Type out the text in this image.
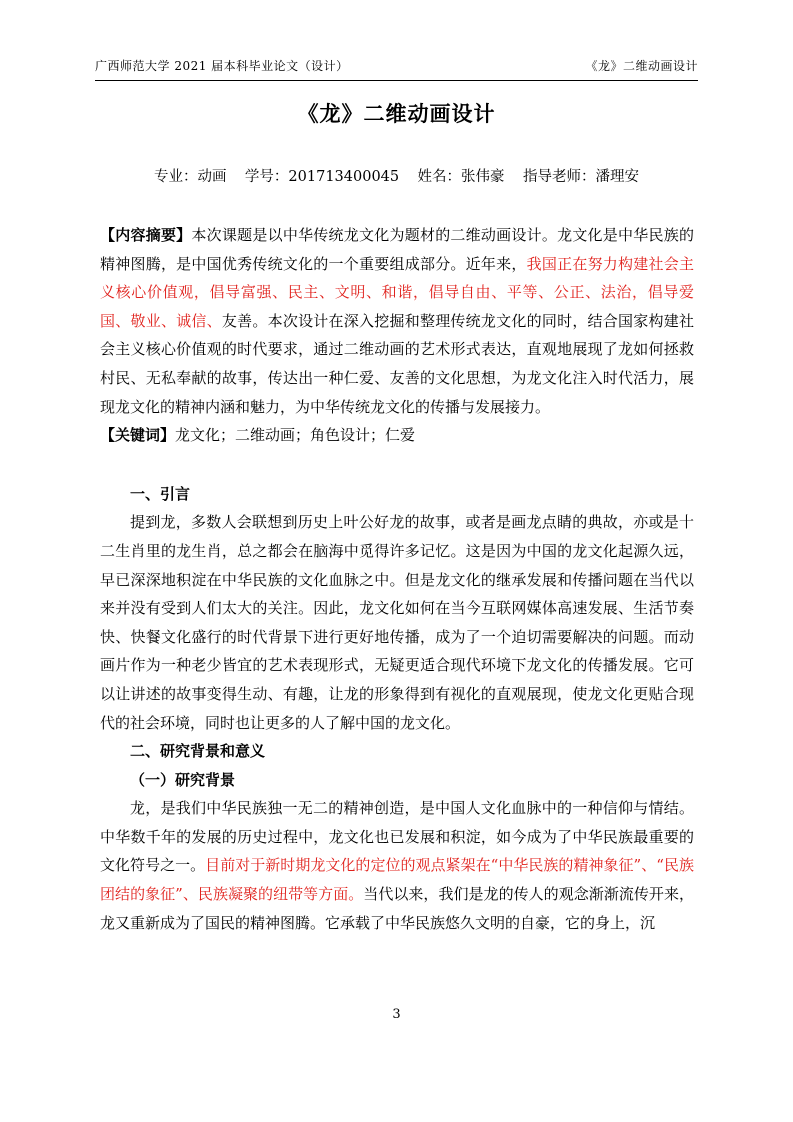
广西师范大学 2021 届本科毕业论文（设计）	《龙》二维动画设计
《龙》二维动画设计
专业：动画    学号：201713400045    姓名：张伟豪    指导老师：潘理安

【内容摘要】本次课题是以中华传统龙文化为题材的二维动画设计。龙文化是中华民族的精神图腾，是中国优秀传统文化的一个重要组成部分。近年来，我国正在努力构建社会主义核心价值观，倡导富强、民主、文明、和谐，倡导自由、平等、公正、法治，倡导爱国、敬业、诚信、友善。本次设计在深入挖掘和整理传统龙文化的同时，结合国家构建社会主义核心价值观的时代要求，通过二维动画的艺术形式表达，直观地展现了龙如何拯救村民、无私奉献的故事，传达出一种仁爱、友善的文化思想，为龙文化注入时代活力，展现龙文化的精神内涵和魅力，为中华传统龙文化的传播与发展接力。

【关键词】龙文化；二维动画；角色设计；仁爱

一、引言

提到龙，多数人会联想到历史上叶公好龙的故事，或者是画龙点睛的典故，亦或是十二生肖里的龙生肖，总之都会在脑海中觅得许多记忆。这是因为中国的龙文化起源久远，早已深深地积淀在中华民族的文化血脉之中。但是龙文化的继承发展和传播问题在当代以来并没有受到人们太大的关注。因此，龙文化如何在当今互联网媒体高速发展、生活节奏快、快餐文化盛行的时代背景下进行更好地传播，成为了一个迫切需要解决的问题。而动画片作为一种老少皆宜的艺术表现形式，无疑更适合现代环境下龙文化的传播发展。它可以让讲述的故事变得生动、有趣，让龙的形象得到有视化的直观展现，使龙文化更贴合现代的社会环境，同时也让更多的人了解中国的龙文化。

二、研究背景和意义

（一）研究背景

龙，是我们中华民族独一无二的精神创造，是中国人文化血脉中的一种信仰与情结。中华数千年的发展的历史过程中，龙文化也已发展和积淀，如今成为了中华民族最重要的文化符号之一。目前对于新时期龙文化的定位的观点紧架在“中华民族的精神象征”、“民族团结的象征”、民族凝聚的纽带等方面。当代以来，我们是龙的传人的观念渐渐流传开来，龙又重新成为了国民的精神图腾。它承载了中华民族悠久文明的自豪，它的身上，沉

3
